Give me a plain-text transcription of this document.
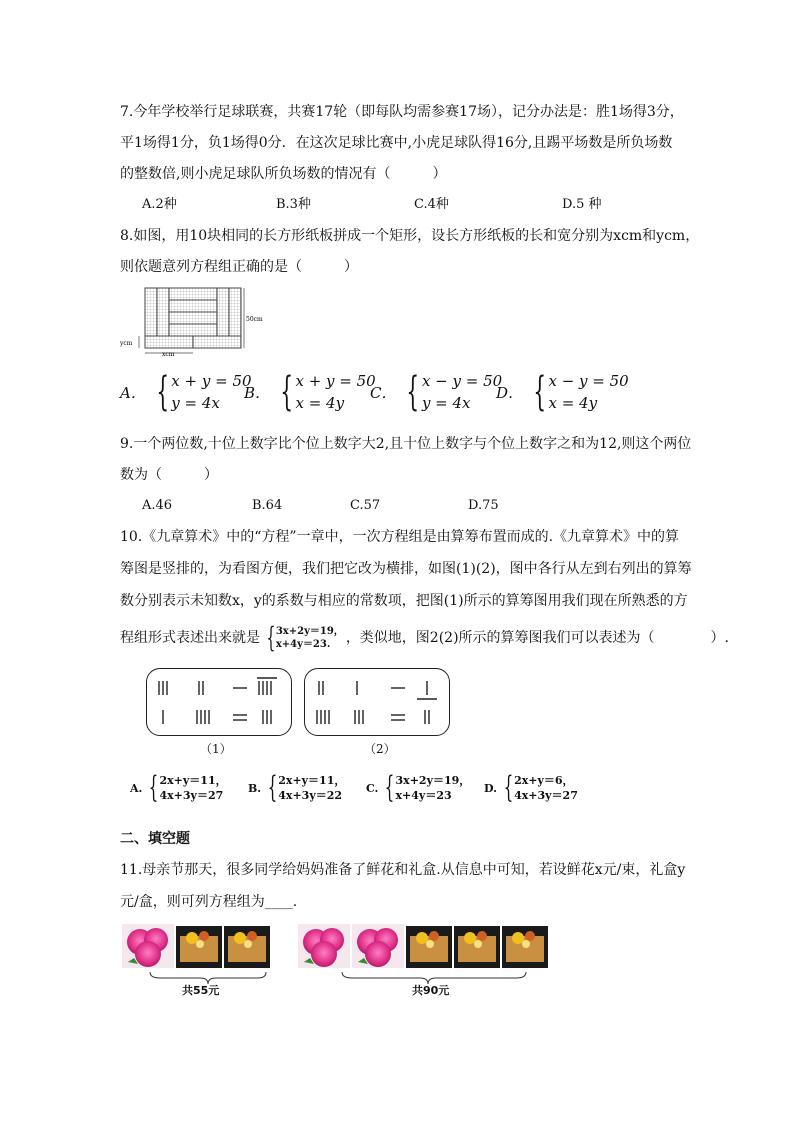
7.今年学校举行足球联赛，共赛17轮（即每队均需参赛17场），记分办法是：胜1场得3分，
平1场得1分，负1场得0分．在这次足球比赛中,小虎足球队得16分,且踢平场数是所负场数
的整数倍,则小虎足球队所负场数的情况有（　　　）
A.2种	B.3种	C.4种	D.5 种
8.如图，用10块相同的长方形纸板拼成一个矩形，设长方形纸板的长和宽分别为xcm和ycm，
则依题意列方程组正确的是（　　　）
50cm
ycm
xcm
A． { x + y = 50
y = 4x
B． { x + y = 50
x = 4y
C． { x − y = 50
y = 4x
D． { x − y = 50
x = 4y
9.一个两位数,十位上数字比个位上数字大2,且十位上数字与个位上数字之和为12,则这个两位
数为（　　　）
A.46	B.64	C.57	D.75
10.《九章算术》中的“方程”一章中，一次方程组是由算筹布置而成的.《九章算术》中的算
筹图是竖排的，为看图方便，我们把它改为横排，如图(1)(2)，图中各行从左到右列出的算筹
数分别表示未知数x，y的系数与相应的常数项，把图(1)所示的算筹图用我们现在所熟悉的方
程组形式表述出来就是 { 3x+2y＝19，
x+4y＝23.	，类似地，图2(2)所示的算筹图我们可以表述为（　　　　）.
（1）	（2）
A. { 2x+y＝11，
4x+3y＝27
B. { 2x+y＝11，
4x+3y＝22
C. { 3x+2y＝19，
x+4y＝23
D. { 2x+y＝6，
4x+3y＝27
二、填空题
11.母亲节那天，很多同学给妈妈准备了鲜花和礼盒.从信息中可知，若设鲜花x元/束，礼盒y
元/盒，则可列方程组为____.
共55元	共90元
